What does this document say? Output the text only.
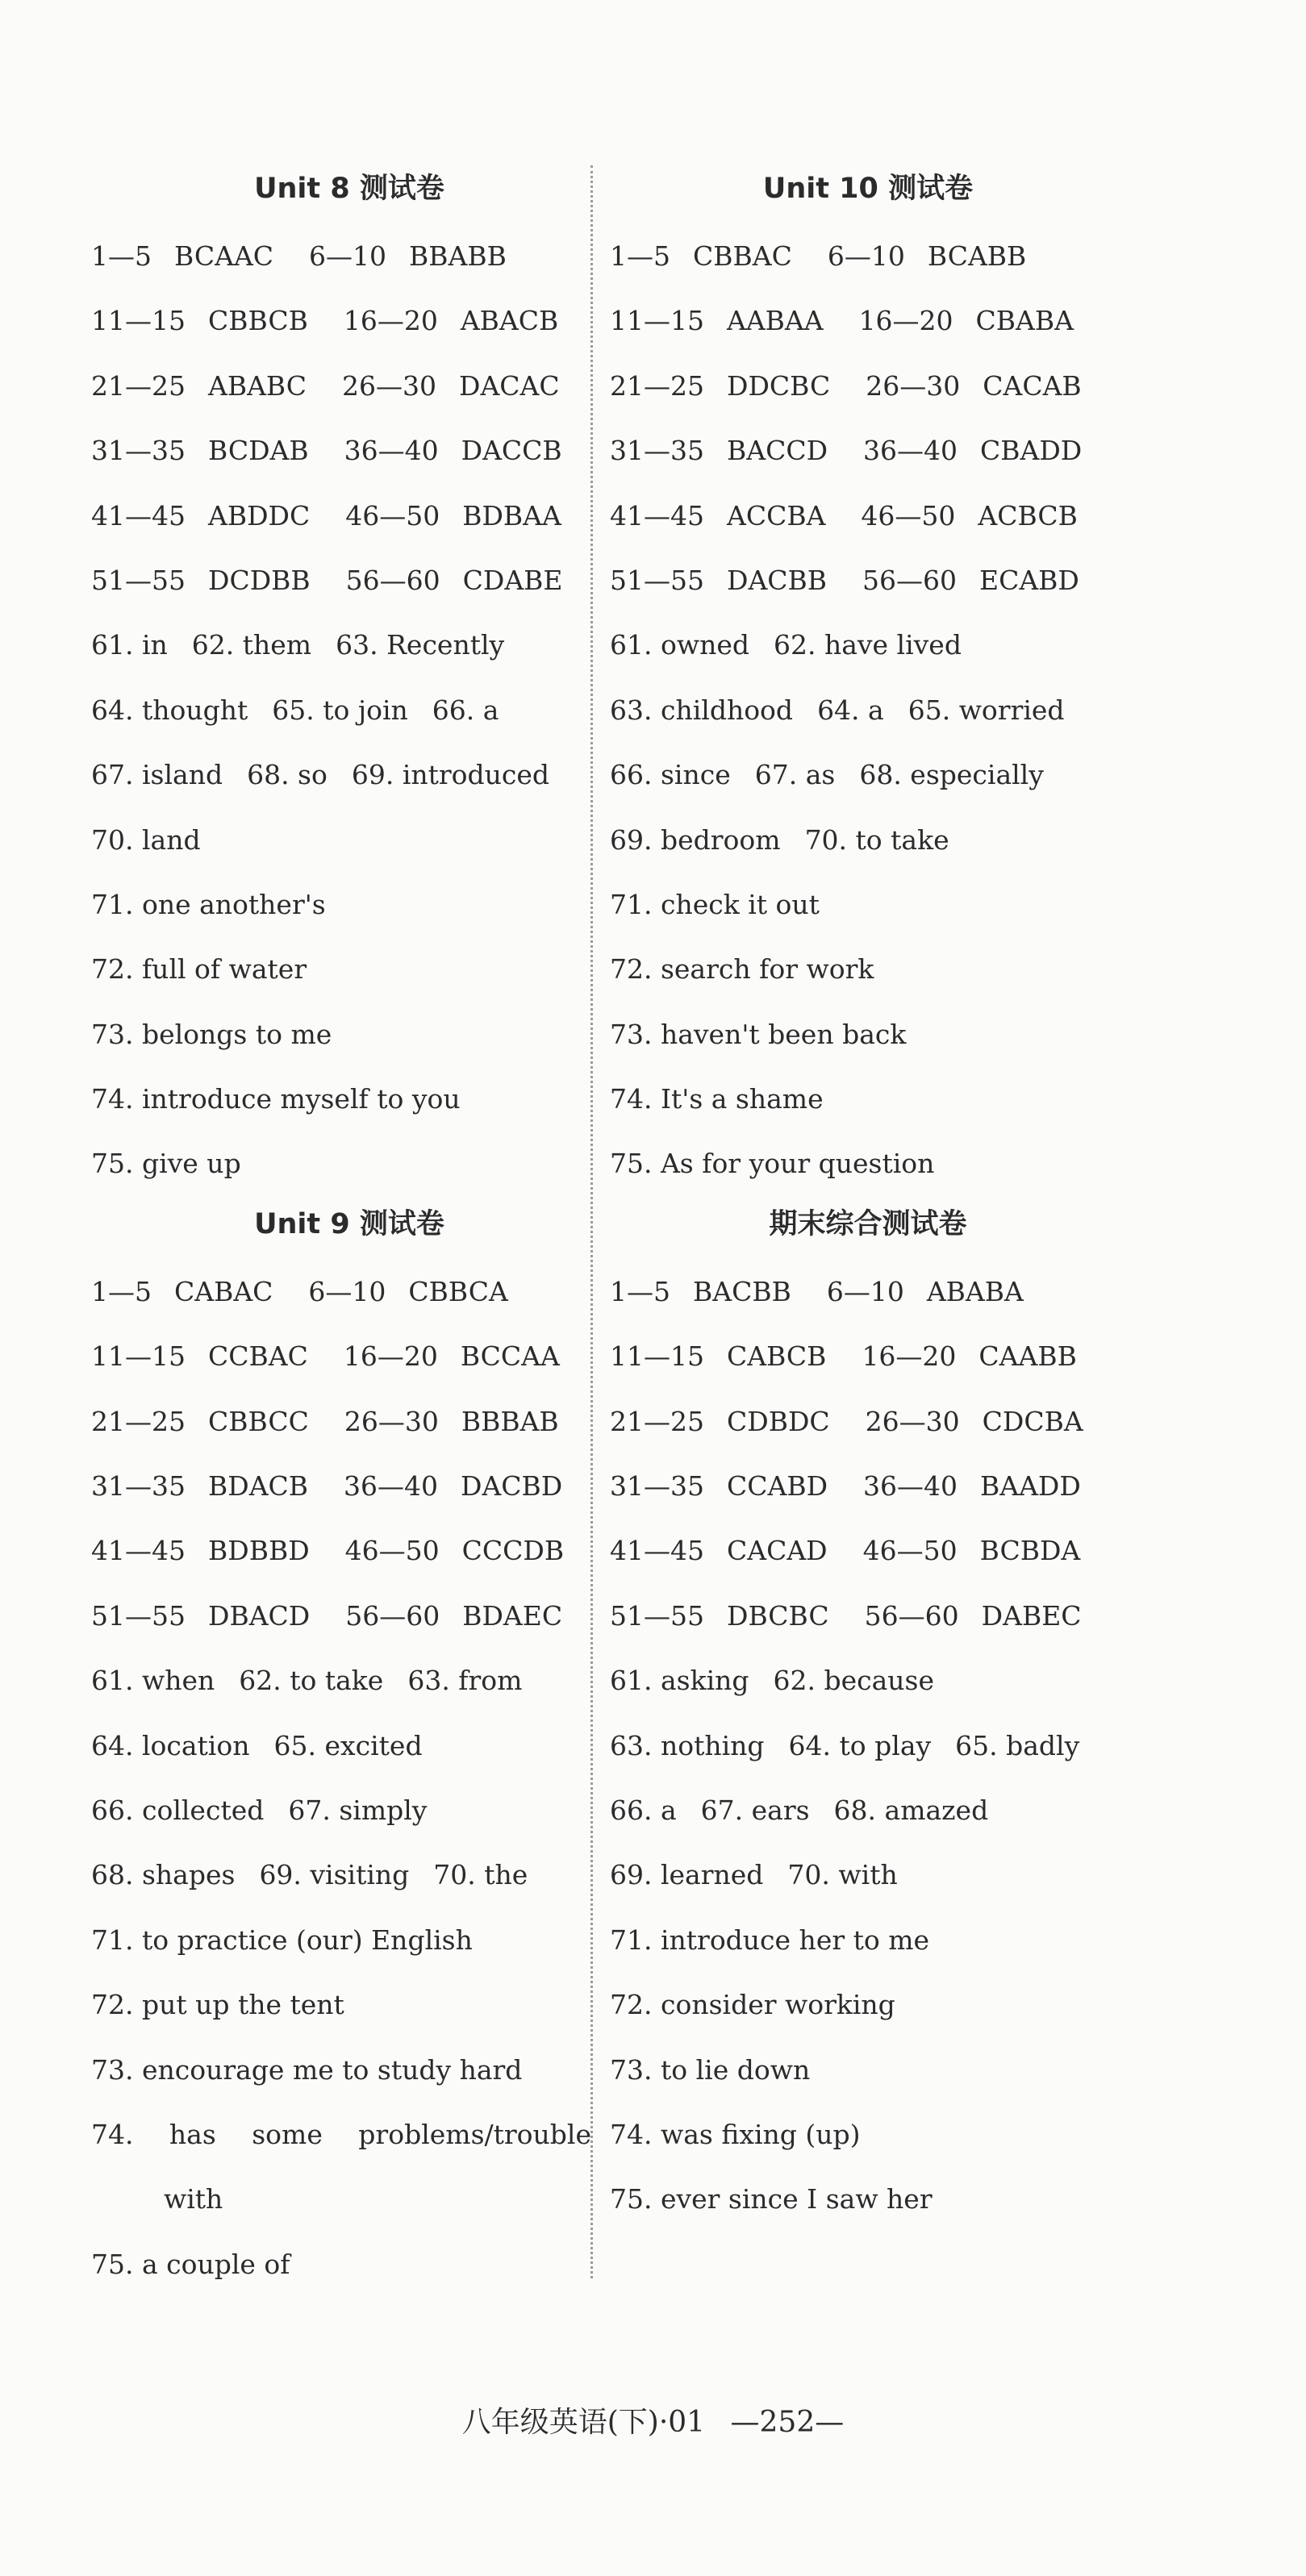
Unit 8 测试卷
1—5 BCAAC 6—10 BBABB
11—15 CBBCB 16—20 ABACB
21—25 ABABC 26—30 DACAC
31—35 BCDAB 36—40 DACCB
41—45 ABDDC 46—50 BDBAA
51—55 DCDBB 56—60 CDABE
61. in 62. them 63. Recently
64. thought 65. to join 66. a
67. island 68. so 69. introduced
70. land
71. one another's
72. full of water
73. belongs to me
74. introduce myself to you
75. give up
Unit 9 测试卷
1—5 CABAC 6—10 CBBCA
11—15 CCBAC 16—20 BCCAA
21—25 CBBCC 26—30 BBBAB
31—35 BDACB 36—40 DACBD
41—45 BDBBD 46—50 CCCDB
51—55 DBACD 56—60 BDAEC
61. when 62. to take 63. from
64. location 65. excited
66. collected 67. simply
68. shapes 69. visiting 70. the
71. to practice (our) English
72. put up the tent
73. encourage me to study hard
74. has some problems/trouble
with
75. a couple of
Unit 10 测试卷
1—5 CBBAC 6—10 BCABB
11—15 AABAA 16—20 CBABA
21—25 DDCBC 26—30 CACAB
31—35 BACCD 36—40 CBADD
41—45 ACCBA 46—50 ACBCB
51—55 DACBB 56—60 ECABD
61. owned 62. have lived
63. childhood 64. a 65. worried
66. since 67. as 68. especially
69. bedroom 70. to take
71. check it out
72. search for work
73. haven't been back
74. It's a shame
75. As for your question
期末综合测试卷
1—5 BACBB 6—10 ABABA
11—15 CABCB 16—20 CAABB
21—25 CDBDC 26—30 CDCBA
31—35 CCABD 36—40 BAADD
41—45 CACAD 46—50 BCBDA
51—55 DBCBC 56—60 DABEC
61. asking 62. because
63. nothing 64. to play 65. badly
66. a 67. ears 68. amazed
69. learned 70. with
71. introduce her to me
72. consider working
73. to lie down
74. was fixing (up)
75. ever since I saw her
八年级英语(下)·01 —252—
